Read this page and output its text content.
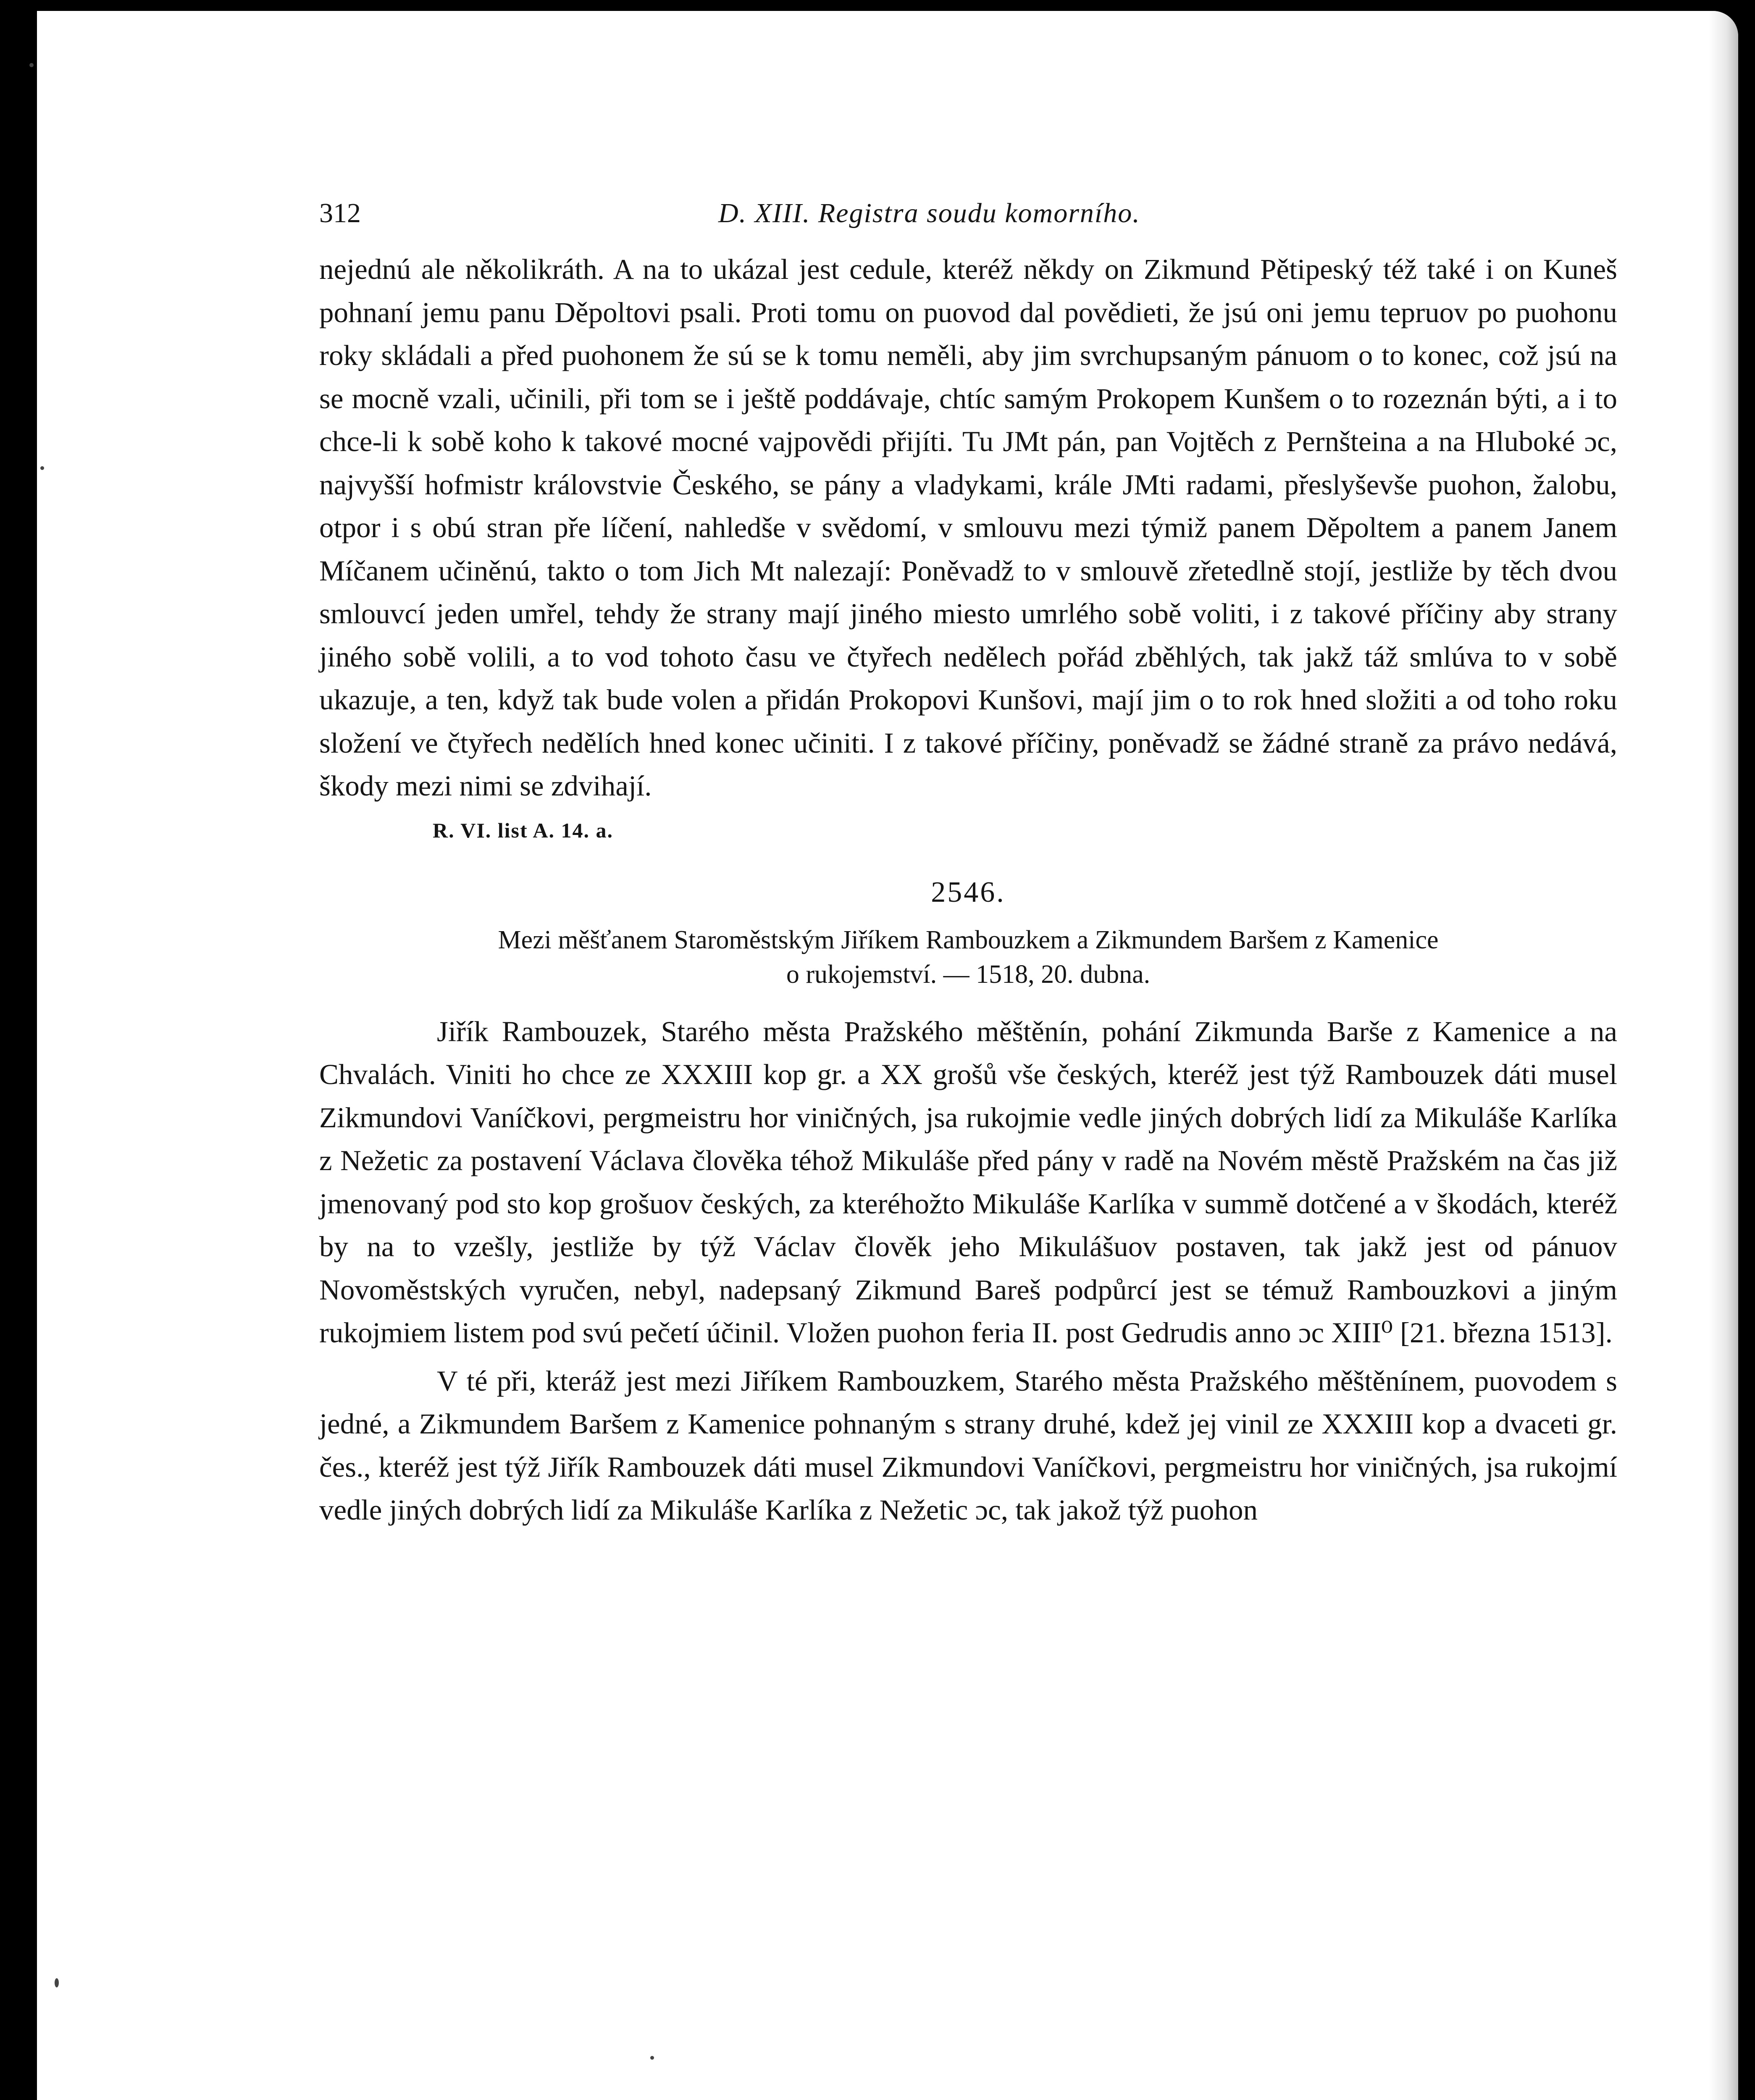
312	D. XIII. Registra soudu komorního.

nejednú ale několikráth. A na to ukázal jest cedule, kteréž někdy on Zikmund Pětipeský též také i on Kuneš pohnaní jemu panu Děpoltovi psali. Proti tomu on puovod dal povědieti, že jsú oni jemu tepruov po puohonu roky skládali a před puohonem že sú se k tomu neměli, aby jim svrchupsaným pánuom o to konec, což jsú na se mocně vzali, učinili, při tom se i ještě poddávaje, chtíc samým Prokopem Kunšem o to rozeznán býti, a i to chce-li k sobě koho k takové mocné vajpovědi přijíti. Tu JMt pán, pan Vojtěch z Pernšteina a na Hluboké ɔc, najvyšší hofmistr královstvie Českého, se pány a vladykami, krále JMti radami, přeslyševše puohon, žalobu, otpor i s obú stran pře líčení, nahledše v svědomí, v smlouvu mezi týmiž panem Děpoltem a panem Janem Míčanem učiněnú, takto o tom Jich Mt nalezají: Poněvadž to v smlouvě zřetedlně stojí, jestliže by těch dvou smlouvcí jeden umřel, tehdy že strany mají jiného miesto umrlého sobě voliti, i z takové příčiny aby strany jiného sobě volili, a to vod tohoto času ve čtyřech nedělech pořád zběhlých, tak jakž táž smlúva to v sobě ukazuje, a ten, když tak bude volen a přidán Prokopovi Kunšovi, mají jim o to rok hned složiti a od toho roku složení ve čtyřech nedělích hned konec učiniti. I z takové příčiny, poněvadž se žádné straně za právo nedává, škody mezi nimi se zdvihají.

R. VI. list A. 14. a.
2546.
Mezi měšťanem Staroměstským Jiříkem Rambouzkem a Zikmundem Baršem z Kamenice
o rukojemství. — 1518, 20. dubna.

Jiřík Rambouzek, Starého města Pražského měštěnín, pohání Zikmunda Barše z Kamenice a na Chvalách. Viniti ho chce ze XXXIII kop gr. a XX grošů vše českých, kteréž jest týž Rambouzek dáti musel Zikmundovi Vaníčkovi, pergmeistru hor viničných, jsa rukojmie vedle jiných dobrých lidí za Mikuláše Karlíka z Nežetic za postavení Václava člověka téhož Mikuláše před pány v radě na Novém městě Pražském na čas již jmenovaný pod sto kop grošuov českých, za kteréhožto Mikuláše Karlíka v summě dotčené a v škodách, kteréž by na to vzešly, jestliže by týž Václav člověk jeho Mikulášuov postaven, tak jakž jest od pánuov Novoměstských vyručen, nebyl, nadepsaný Zikmund Bareš podpůrcí jest se témuž Rambouzkovi a jiným rukojmiem listem pod svú pečetí účinil. Vložen puohon feria II. post Gedrudis anno ɔc XIII⁰ [21. března 1513].

V té při, kteráž jest mezi Jiříkem Rambouzkem, Starého města Pražského měštěnínem, puovodem s jedné, a Zikmundem Baršem z Kamenice pohnaným s strany druhé, kdež jej vinil ze XXXIII kop a dvaceti gr. čes., kteréž jest týž Jiřík Rambouzek dáti musel Zikmundovi Vaníčkovi, pergmeistru hor viničných, jsa rukojmí vedle jiných dobrých lidí za Mikuláše Karlíka z Nežetic ɔc, tak jakož týž puohon
